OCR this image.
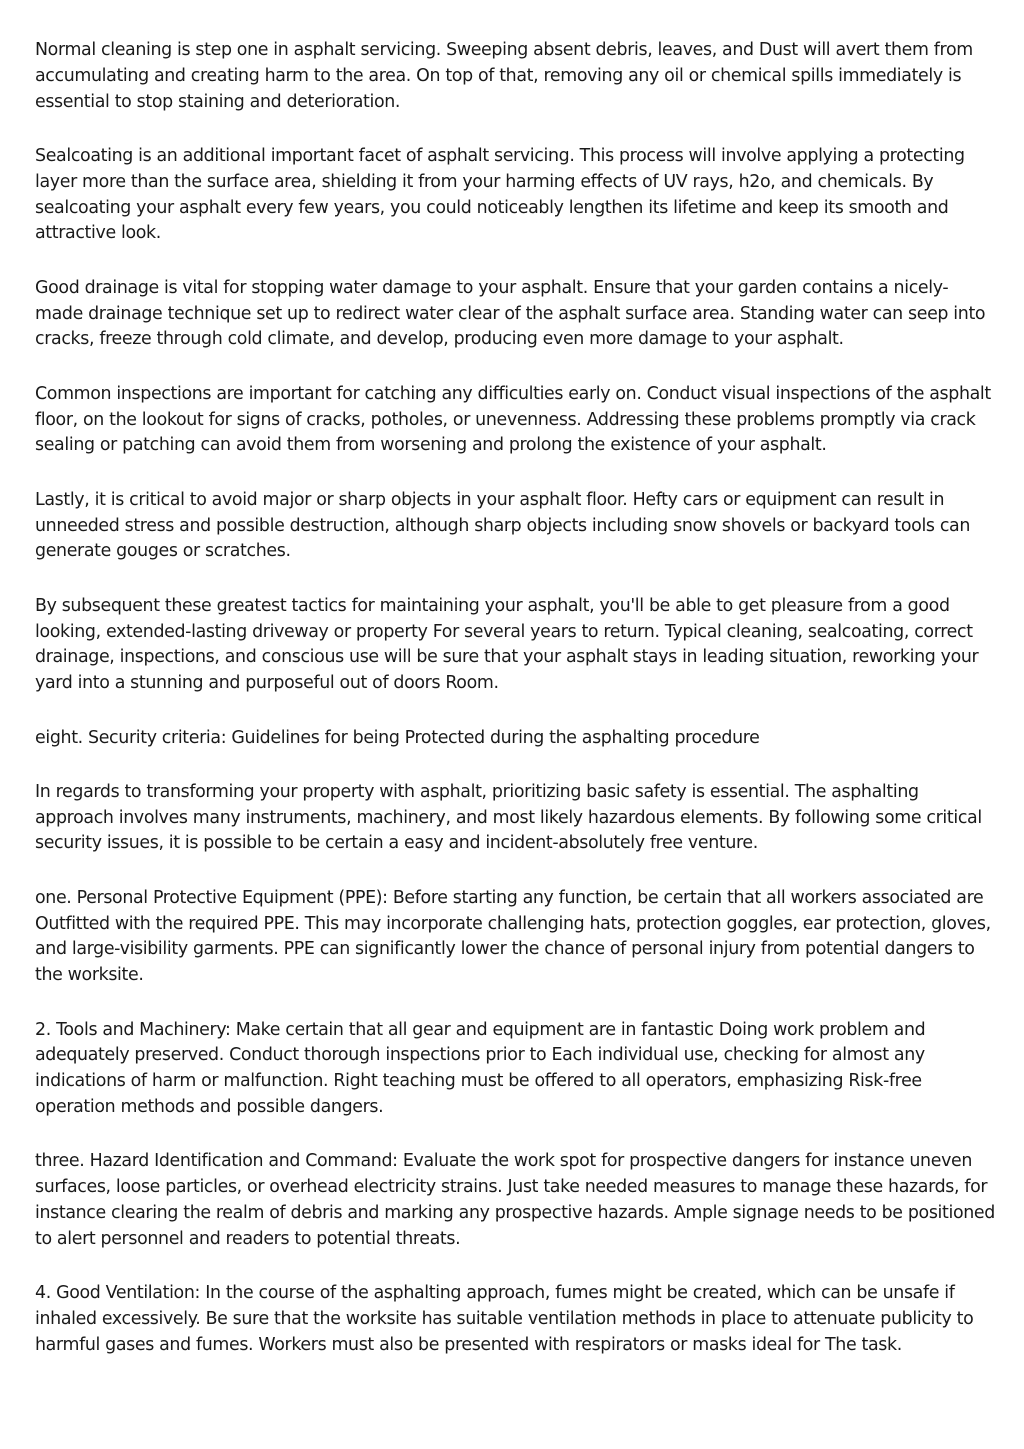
Normal cleaning is step one in asphalt servicing. Sweeping absent debris, leaves, and Dust will avert them from accumulating and creating harm to the area. On top of that, removing any oil or chemical spills immediately is essential to stop staining and deterioration.

Sealcoating is an additional important facet of asphalt servicing. This process will involve applying a protecting layer more than the surface area, shielding it from your harming effects of UV rays, h2o, and chemicals. By sealcoating your asphalt every few years, you could noticeably lengthen its lifetime and keep its smooth and attractive look.

Good drainage is vital for stopping water damage to your asphalt. Ensure that your garden contains a nicely-made drainage technique set up to redirect water clear of the asphalt surface area. Standing water can seep into cracks, freeze through cold climate, and develop, producing even more damage to your asphalt.

Common inspections are important for catching any difficulties early on. Conduct visual inspections of the asphalt floor, on the lookout for signs of cracks, potholes, or unevenness. Addressing these problems promptly via crack sealing or patching can avoid them from worsening and prolong the existence of your asphalt.

Lastly, it is critical to avoid major or sharp objects in your asphalt floor. Hefty cars or equipment can result in unneeded stress and possible destruction, although sharp objects including snow shovels or backyard tools can generate gouges or scratches.

By subsequent these greatest tactics for maintaining your asphalt, you'll be able to get pleasure from a good looking, extended-lasting driveway or property For several years to return. Typical cleaning, sealcoating, correct drainage, inspections, and conscious use will be sure that your asphalt stays in leading situation, reworking your yard into a stunning and purposeful out of doors Room.

eight. Security criteria: Guidelines for being Protected during the asphalting procedure

In regards to transforming your property with asphalt, prioritizing basic safety is essential. The asphalting approach involves many instruments, machinery, and most likely hazardous elements. By following some critical security issues, it is possible to be certain a easy and incident-absolutely free venture.

one. Personal Protective Equipment (PPE): Before starting any function, be certain that all workers associated are Outfitted with the required PPE. This may incorporate challenging hats, protection goggles, ear protection, gloves, and large-visibility garments. PPE can significantly lower the chance of personal injury from potential dangers to the worksite.

2. Tools and Machinery: Make certain that all gear and equipment are in fantastic Doing work problem and adequately preserved. Conduct thorough inspections prior to Each individual use, checking for almost any indications of harm or malfunction. Right teaching must be offered to all operators, emphasizing Risk-free operation methods and possible dangers.

three. Hazard Identification and Command: Evaluate the work spot for prospective dangers for instance uneven surfaces, loose particles, or overhead electricity strains. Just take needed measures to manage these hazards, for instance clearing the realm of debris and marking any prospective hazards. Ample signage needs to be positioned to alert personnel and readers to potential threats.

4. Good Ventilation: In the course of the asphalting approach, fumes might be created, which can be unsafe if inhaled excessively. Be sure that the worksite has suitable ventilation methods in place to attenuate publicity to harmful gases and fumes. Workers must also be presented with respirators or masks ideal for The task.
